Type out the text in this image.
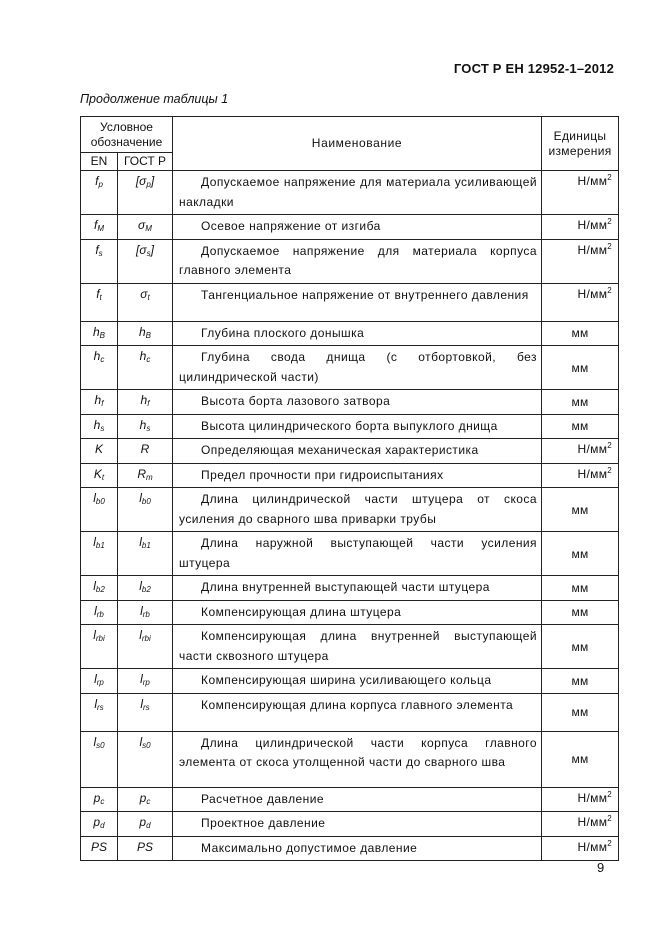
ГОСТ Р ЕН 12952-1–2012
Продолжение таблицы 1
Условное обозначение		Наименование	Единицы измерения
EN	ГОСТ Р		
$f_p$	$[\sigma_p]$	Допускаемое напряжение для материала усиливающей накладки	$Н/мм^2$
$f_M$	$\sigma_M$	Осевое напряжение от изгиба	$Н/мм^2$
$f_s$	$[\sigma_s]$	Допускаемое напряжение для материала корпуса главного элемента	$Н/мм^2$
$f_t$	$\sigma_t$	Тангенциальное напряжение от внутреннего давления	$Н/мм^2$
$h_B$	$h_B$	Глубина плоского донышка	мм
$h_c$	$h_c$	Глубина свода днища (с отбортовкой, без цилиндрической части)	мм
$h_f$	$h_f$	Высота борта лазового затвора	мм
$h_s$	$h_s$	Высота цилиндрического борта выпуклого днища	мм
K	R	Определяющая механическая характеристика	$Н/мм^2$
$K_t$	$R_m$	Предел прочности при гидроиспытаниях	$Н/мм^2$
$l_{b0}$	$l_{b0}$	Длина цилиндрической части штуцера от скоса усиления до сварного шва приварки трубы	мм
$l_{b1}$	$l_{b1}$	Длина наружной выступающей части усиления штуцера	мм
$l_{b2}$	$l_{b2}$	Длина внутренней выступающей части штуцера	мм
$l_{rb}$	$l_{rb}$	Компенсирующая длина штуцера	мм
$l_{rbi}$	$l_{rbi}$	Компенсирующая длина внутренней выступающей части сквозного штуцера	мм
$l_{rp}$	$l_{rp}$	Компенсирующая ширина усиливающего кольца	мм
$l_{rs}$	$l_{rs}$	Компенсирующая длина корпуса главного элемента	мм
$l_{s0}$	$l_{s0}$	Длина цилиндрической части корпуса главного элемента от скоса утолщенной части до сварного шва	мм
$p_c$	$p_c$	Расчетное давление	$Н/мм^2$
$p_d$	$p_d$	Проектное давление	$Н/мм^2$
PS	PS	Максимально допустимое давление	$Н/мм^2$
9
